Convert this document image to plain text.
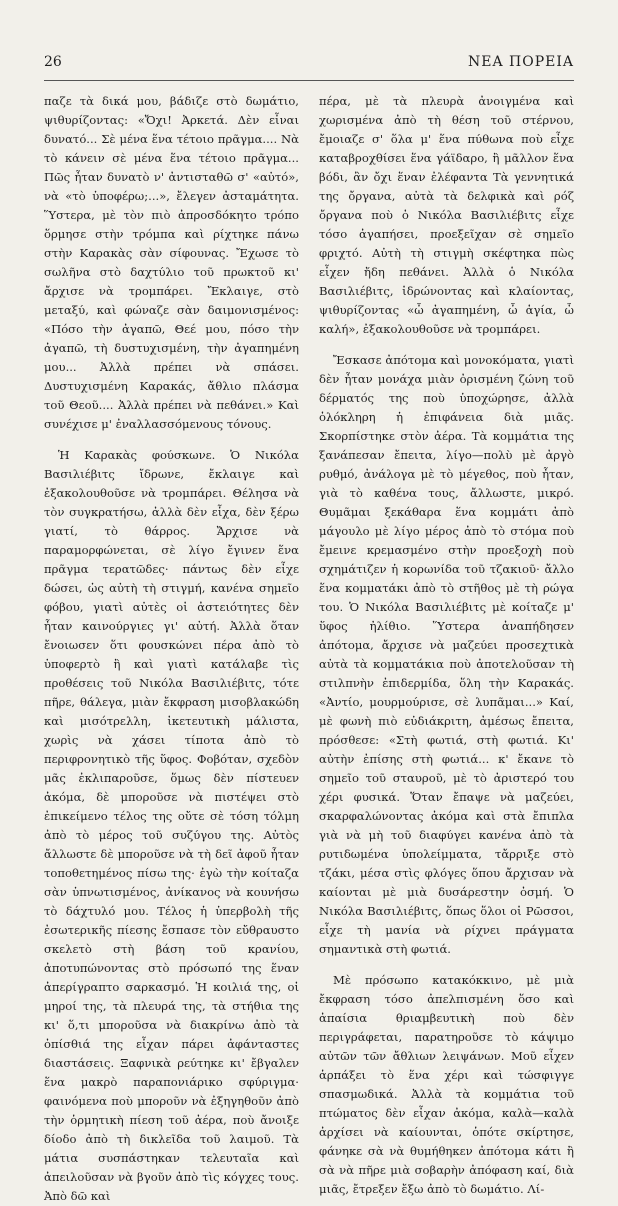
26	ΝΕΑ ΠΟΡΕΙΑ

παζε τὰ δικά μου, βάδιζε στὸ δωμάτιο, ψιθυρίζοντας: «Ὄχι! Ἀρκετά. Δὲν εἶναι δυνατό... Σὲ μένα ἕνα τέτοιο πρᾶγμα.... Νὰ τὸ κάνειν σὲ μένα ἕνα τέτοιο πρᾶγμα... Πῶς ἦταν δυνατὸ ν' ἀντισταθῶ σ' «αὐτό», νὰ «τὸ ὑποφέρω;...», ἔλεγεν ἀσταμάτητα. Ὕστερα, μὲ τὸν πιὸ ἀπροσδόκητο τρόπο ὅρμησε στὴν τρόμπα καὶ ρίχτηκε πάνω στὴν Καρακὰς σὰν σίφουνας. Ἔχωσε τὸ σωλῆνα στὸ δαχτύλιο τοῦ πρωκτοῦ κι' ἄρχισε νὰ τρομπάρει. Ἔκλαιγε, στὸ μεταξύ, καὶ φώναζε σὰν δαιμονισμένος: «Πόσο τὴν ἀγαπῶ, Θεέ μου, πόσο τὴν ἀγαπῶ, τὴ δυστυχισμένη, τὴν ἀγαπημένη μου... Ἀλλὰ πρέπει νὰ σπάσει. Δυστυχισμένη Καρακάς, ἄθλιο πλάσμα τοῦ Θεοῦ.... Ἀλλὰ πρέπει νὰ πεθάνει.» Καὶ συνέχισε μ' ἐναλλασσόμενους τόνους.

Ἡ Καρακὰς φούσκωνε. Ὁ Νικόλα Βασιλιέβιτς ἴδρωνε, ἔκλαιγε καὶ ἐξακολουθοῦσε νὰ τρομπάρει. Θέλησα νὰ τὸν συγκρατήσω, ἀλλὰ δὲν εἶχα, δὲν ξέρω γιατί, τὸ θάρρος. Ἄρχισε νὰ παραμορφώνεται, σὲ λίγο ἔγινεν ἕνα πρᾶγμα τερατῶδες· πάντως δὲν εἶχε δώσει, ὡς αὐτὴ τὴ στιγμή, κανένα σημεῖο φόβου, γιατὶ αὐτὲς οἱ ἀστειότητες δὲν ἦταν καινούργιες γι' αὐτή. Ἀλλὰ ὅταν ἔνοιωσεν ὅτι φουσκώνει πέρα ἀπὸ τὸ ὑποφερτὸ ἢ καὶ γιατὶ κατάλαβε τὶς προθέσεις τοῦ Νικόλα Βασιλιέβιτς, τότε πῆρε, θάλεγα, μιὰν ἔκφραση μισοβλακώδη καὶ μισότρελλη, ἱκετευτικὴ μάλιστα, χωρὶς νὰ χάσει τίποτα ἀπὸ τὸ περιφρονητικὸ τῆς ὕφος. Φοβόταν, σχεδὸν μᾶς ἐκλιπαροῦσε, ὅμως δὲν πίστευεν ἀκόμα, δὲ μποροῦσε νὰ πιστέψει στὸ ἐπικείμενο τέλος της οὔτε σὲ τόση τόλμη ἀπὸ τὸ μέρος τοῦ συζύγου της. Αὐτὸς ἄλλωστε δὲ μποροῦσε νὰ τὴ δεῖ ἀφοῦ ἦταν τοποθετημένος πίσω της· ἐγὼ τὴν κοίταζα σὰν ὑπνωτισμένος, ἀνίκανος νὰ κουνήσω τὸ δάχτυλό μου. Τέλος ἡ ὑπερβολὴ τῆς ἐσωτερικῆς πίεσης ἔσπασε τὸν εὔθραυστο σκελετὸ στὴ βάση τοῦ κρανίου, ἀποτυπώνοντας στὸ πρόσωπό της ἕναν ἀπερίγραπτο σαρκασμό. Ἡ κοιλιά της, οἱ μηροί της, τὰ πλευρά της, τὰ στήθια της κι' ὅ,τι μποροῦσα νὰ διακρίνω ἀπὸ τὰ ὀπίσθιά της εἶχαν πάρει ἀφάνταστες διαστάσεις. Ξαφνικὰ ρεύτηκε κι' ἔβγαλεν ἕνα μακρὸ παραπονιάρικο σφύριγμα· φαινόμενα ποὺ μποροῦν νὰ ἐξηγηθοῦν ἀπὸ τὴν ὁρμητικὴ πίεση τοῦ ἀέρα, ποὺ ἄνοιξε δίοδο ἀπὸ τὴ δικλεῖδα τοῦ λαιμοῦ. Τὰ μάτια συσπάστηκαν τελευταῖα καὶ ἀπειλοῦσαν νὰ βγοῦν ἀπὸ τὶς κόγχες τους. Ἀπὸ δῶ καὶ

πέρα, μὲ τὰ πλευρὰ ἀνοιγμένα καὶ χωρισμένα ἀπὸ τὴ θέση τοῦ στέρνου, ἔμοιαζε σ' ὅλα μ' ἕνα πύθωνα ποὺ εἶχε καταβροχθίσει ἕνα γάϊδαρο, ἢ μᾶλλον ἕνα βόδι, ἂν ὄχι ἕναν ἐλέφαντα Τὰ γεννητικά της ὄργανα, αὐτὰ τὰ δελφικὰ καὶ ρόζ ὄργανα ποὺ ὁ Νικόλα Βασιλιέβιτς εἶχε τόσο ἀγαπήσει, προεξεῖχαν σὲ σημεῖο φριχτό. Αὐτὴ τὴ στιγμὴ σκέφτηκα πὼς εἶχεν ἤδη πεθάνει. Ἀλλὰ ὁ Νικόλα Βασιλιέβιτς, ἱδρώνοντας καὶ κλαίοντας, ψιθυρίζοντας «ὦ ἀγαπημένη, ὦ ἁγία, ὦ καλή», ἐξακολουθοῦσε νὰ τρομπάρει.

Ἔσκασε ἀπότομα καὶ μονοκόματα, γιατὶ δὲν ἦταν μονάχα μιὰν ὀρισμένη ζώνη τοῦ δέρματός της ποὺ ὑποχώρησε, ἀλλὰ ὁλόκληρη ἡ ἐπιφάνεια διὰ μιᾶς. Σκορπίστηκε στὸν ἀέρα. Τὰ κομμάτια της ξανάπεσαν ἔπειτα, λίγο—πολὺ μὲ ἀργὸ ρυθμό, ἀνάλογα μὲ τὸ μέγεθος, ποὺ ἦταν, γιὰ τὸ καθένα τους, ἄλλωστε, μικρό. Θυμᾶμαι ξεκάθαρα ἕνα κομμάτι ἀπὸ μάγουλο μὲ λίγο μέρος ἀπὸ τὸ στόμα ποὺ ἔμεινε κρεμασμένο στὴν προεξοχὴ ποὺ σχημάτιζεν ἡ κορωνίδα τοῦ τζακιοῦ· ἄλλο ἕνα κομματάκι ἀπὸ τὸ στῆθος μὲ τὴ ρώγα του. Ὁ Νικόλα Βασιλιέβιτς μὲ κοίταζε μ' ὕφος ἠλίθιο. Ὕστερα ἀναπήδησεν ἀπότομα, ἄρχισε νὰ μαζεύει προσεχτικὰ αὐτὰ τὰ κομματάκια ποὺ ἀποτελοῦσαν τὴ στιλπνὴν ἐπιδερμίδα, ὅλη τὴν Καρακάς. «Ἀντίο, μουρμούρισε, σὲ λυπᾶμαι...» Καί, μὲ φωνὴ πιὸ εὐδιάκριτη, ἀμέσως ἔπειτα, πρόσθεσε: «Στὴ φωτιά, στὴ φωτιά. Κι' αὐτὴν ἐπίσης στὴ φωτιά... κ' ἔκανε τὸ σημεῖο τοῦ σταυροῦ, μὲ τὸ ἀριστερό του χέρι φυσικά. Ὅταν ἔπαψε νὰ μαζεύει, σκαρφαλώνοντας ἀκόμα καὶ στὰ ἔπιπλα γιὰ νὰ μὴ τοῦ διαφύγει κανένα ἀπὸ τὰ ρυτιδωμένα ὑπολείμματα, τἄρριξε στὸ τζάκι, μέσα στὶς φλόγες ὅπου ἄρχισαν νὰ καίονται μὲ μιὰ δυσάρεστην ὀσμή. Ὁ Νικόλα Βασιλιέβιτς, ὅπως ὅλοι οἱ Ρῶσσοι, εἶχε τὴ μανία νὰ ρίχνει πράγματα σημαντικὰ στὴ φωτιά.

Μὲ πρόσωπο κατακόκκινο, μὲ μιὰ ἔκφραση τόσο ἀπελπισμένη ὅσο καὶ ἀπαίσια θριαμβευτικὴ ποὺ δὲν περιγράφεται, παρατηροῦσε τὸ κάψιμο αὐτῶν τῶν ἄθλιων λειψάνων. Μοῦ εἶχεν ἁρπάξει τὸ ἕνα χέρι καὶ τώσφιγγε σπασμωδικά. Ἀλλὰ τὰ κομμάτια τοῦ πτώματος δὲν εἶχαν ἀκόμα, καλὰ—καλὰ ἀρχίσει νὰ καίουνται, ὁπότε σκίρτησε, φάνηκε σὰ νὰ θυμήθηκεν ἀπότομα κάτι ἢ σὰ νὰ πῆρε μιὰ σοβαρὴν ἀπόφαση καί, διὰ μιᾶς, ἔτρεξεν ἔξω ἀπὸ τὸ δωμάτιο. Λί-
